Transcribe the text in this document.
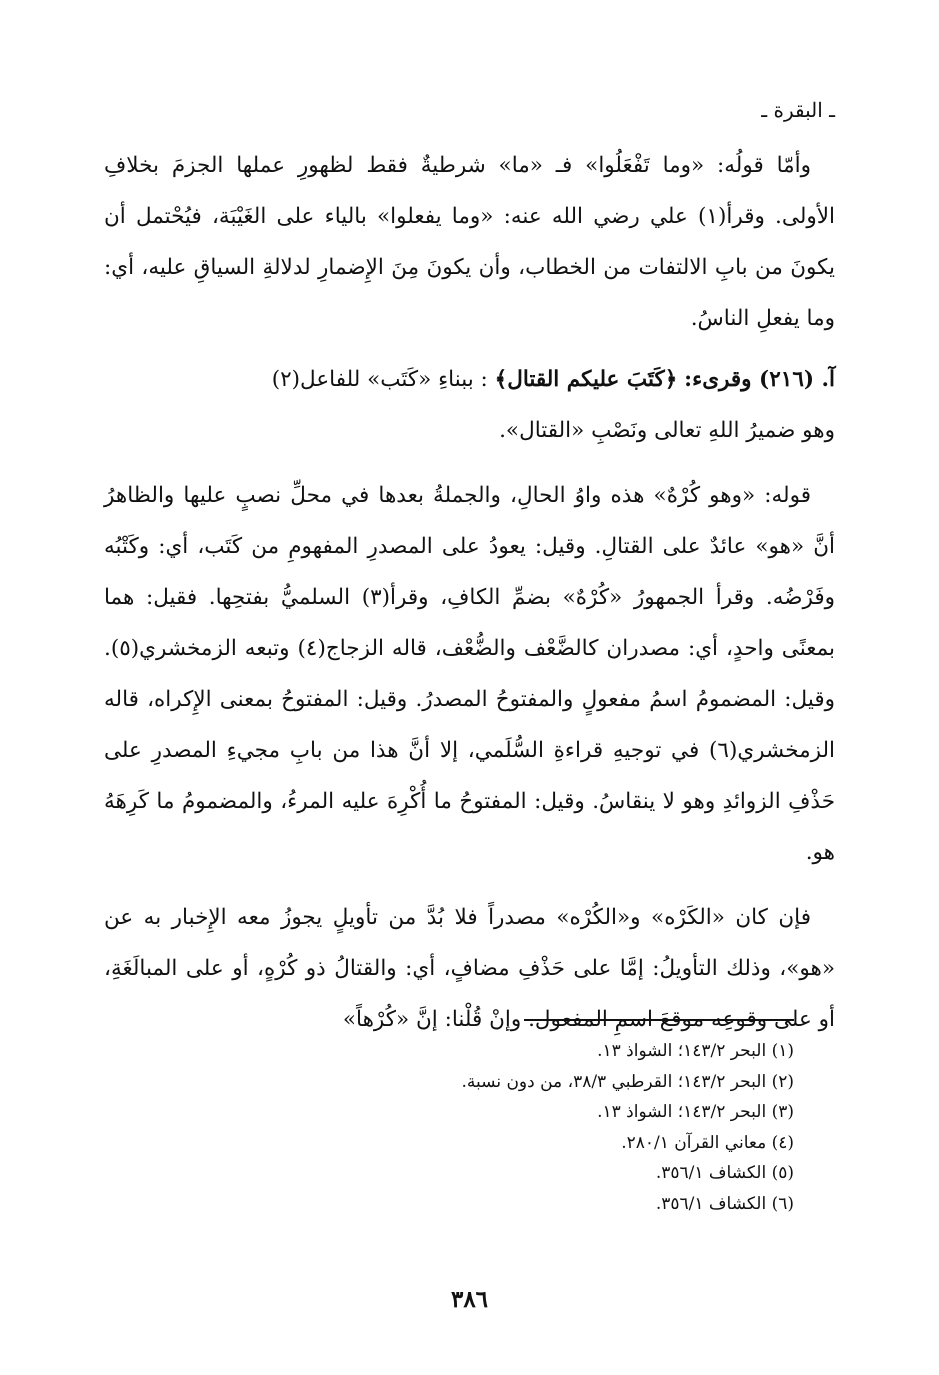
ـ البقرة ـ

وأمّا قولُه: «وما تَفْعَلُوا» فـ «ما» شرطيةٌ فقط لظهورِ عملها الجزمَ بخلافِ الأولى. وقرأ(١) علي رضي الله عنه: «وما يفعلوا» بالياء على الغَيْبَة، فيُحْتمل أن يكونَ من بابِ الالتفات من الخطاب، وأن يكونَ مِنَ الإِضمارِ لدلالةِ السياقِ عليه، أي: وما يفعلِ الناسُ.

آ. (٢١٦) وقرىء: ﴿كَتَبَ عليكم القتال﴾ : ببناءِ «كَتَب» للفاعل(٢)

وهو ضميرُ اللهِ تعالى ونَصْبِ «القتال».

قوله: «وهو كُرْهٌ» هذه واوُ الحالِ، والجملةُ بعدها في محلِّ نصبٍ عليها والظاهرُ أنَّ «هو» عائدٌ على القتالِ. وقيل: يعودُ على المصدرِ المفهومِ من كَتَب، أي: وكَتْبُه وفَرْضُه. وقرأ الجمهورُ «كُرْهٌ» بضمِّ الكافِ، وقرأ(٣) السلميُّ بفتحِها. فقيل: هما بمعنًى واحدٍ، أي: مصدران كالضَّعْف والضُّعْف، قاله الزجاج(٤) وتبعه الزمخشري(٥). وقيل: المضمومُ اسمُ مفعولٍ والمفتوحُ المصدرُ. وقيل: المفتوحُ بمعنى الإِكراه، قاله الزمخشري(٦) في توجيهِ قراءةِ السُّلَمي، إلا أنَّ هذا من بابِ مجيءِ المصدرِ على حَذْفِ الزوائدِ وهو لا ينقاسُ. وقيل: المفتوحُ ما أُكْرِهَ عليه المرءُ، والمضمومُ ما كَرِهَهُ هو.

فإن كان «الكَرْه» و«الكُرْه» مصدراً فلا بُدَّ من تأويلٍ يجوزُ معه الإِخبار به عن «هو»، وذلك التأويلُ: إمَّا على حَذْفِ مضافٍ، أي: والقتالُ ذو كُرْهٍ، أو على المبالَغَةِ، أو على وقوعِه موقعَ اسمِ المفعول. وإنْ قُلْنا: إنَّ «كُرْهاً»

(١) البحر ١٤٣/٢؛ الشواذ ١٣.
(٢) البحر ١٤٣/٢؛ القرطبي ٣٨/٣، من دون نسبة.
(٣) البحر ١٤٣/٢؛ الشواذ ١٣.
(٤) معاني القرآن ٢٨٠/١.
(٥) الكشاف ٣٥٦/١.
(٦) الكشاف ٣٥٦/١.
٣٨٦
